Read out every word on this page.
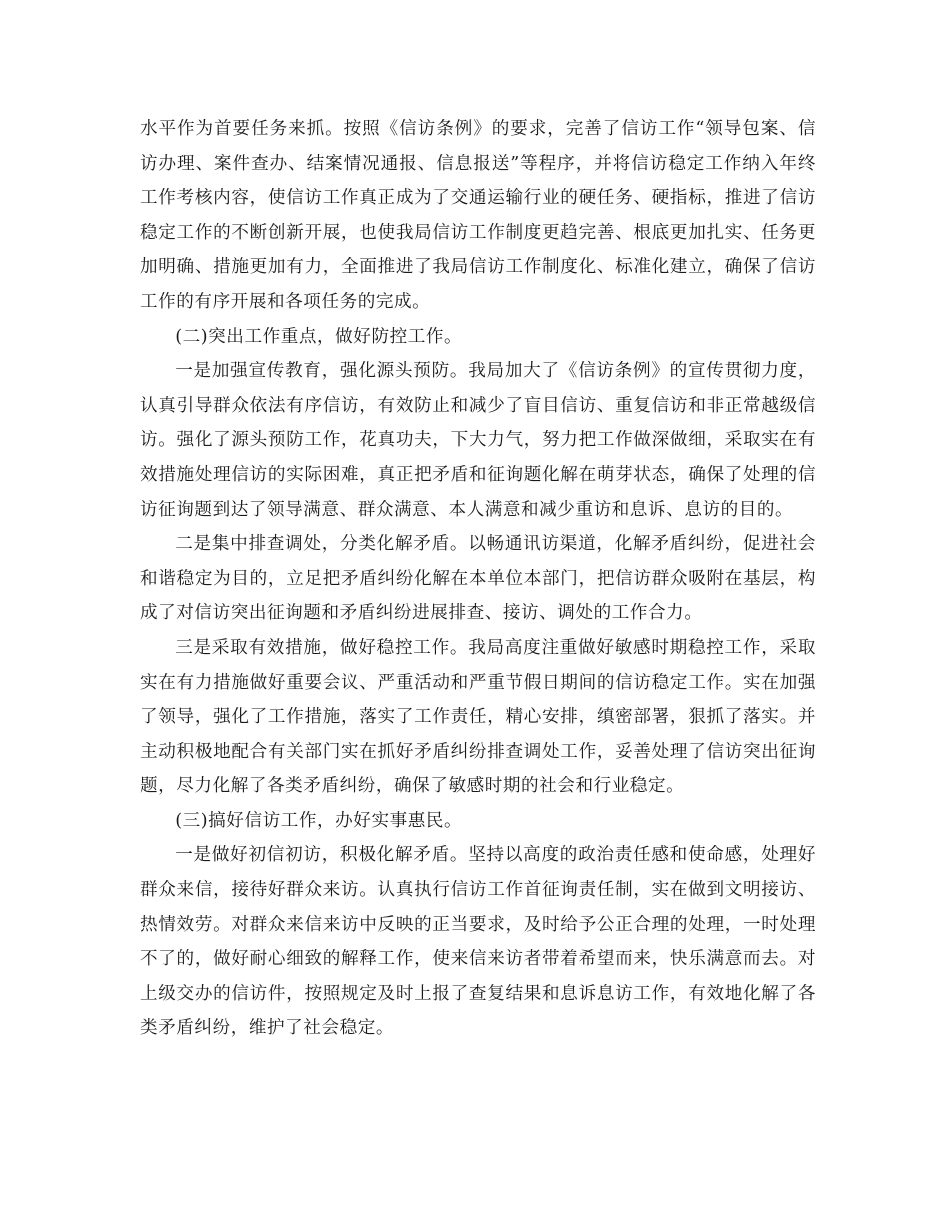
水平作为首要任务来抓。按照《信访条例》的要求，完善了信访工作“领导包案、信访办理、案件查办、结案情况通报、信息报送”等程序，并将信访稳定工作纳入年终工作考核内容，使信访工作真正成为了交通运输行业的硬任务、硬指标，推进了信访稳定工作的不断创新开展，也使我局信访工作制度更趋完善、根底更加扎实、任务更加明确、措施更加有力，全面推进了我局信访工作制度化、标准化建立，确保了信访工作的有序开展和各项任务的完成。

(二)突出工作重点，做好防控工作。

一是加强宣传教育，强化源头预防。我局加大了《信访条例》的宣传贯彻力度，认真引导群众依法有序信访，有效防止和减少了盲目信访、重复信访和非正常越级信访。强化了源头预防工作，花真功夫，下大力气，努力把工作做深做细，采取实在有效措施处理信访的实际困难，真正把矛盾和征询题化解在萌芽状态，确保了处理的信访征询题到达了领导满意、群众满意、本人满意和减少重访和息诉、息访的目的。

二是集中排查调处，分类化解矛盾。以畅通讯访渠道，化解矛盾纠纷，促进社会和谐稳定为目的，立足把矛盾纠纷化解在本单位本部门，把信访群众吸附在基层，构成了对信访突出征询题和矛盾纠纷进展排查、接访、调处的工作合力。

三是采取有效措施，做好稳控工作。我局高度注重做好敏感时期稳控工作，采取实在有力措施做好重要会议、严重活动和严重节假日期间的信访稳定工作。实在加强了领导，强化了工作措施，落实了工作责任，精心安排，缜密部署，狠抓了落实。并主动积极地配合有关部门实在抓好矛盾纠纷排查调处工作，妥善处理了信访突出征询题，尽力化解了各类矛盾纠纷，确保了敏感时期的社会和行业稳定。

(三)搞好信访工作，办好实事惠民。

一是做好初信初访，积极化解矛盾。坚持以高度的政治责任感和使命感，处理好群众来信，接待好群众来访。认真执行信访工作首征询责任制，实在做到文明接访、热情效劳。对群众来信来访中反映的正当要求，及时给予公正合理的处理，一时处理不了的，做好耐心细致的解释工作，使来信来访者带着希望而来，快乐满意而去。对上级交办的信访件，按照规定及时上报了查复结果和息诉息访工作，有效地化解了各类矛盾纠纷，维护了社会稳定。
